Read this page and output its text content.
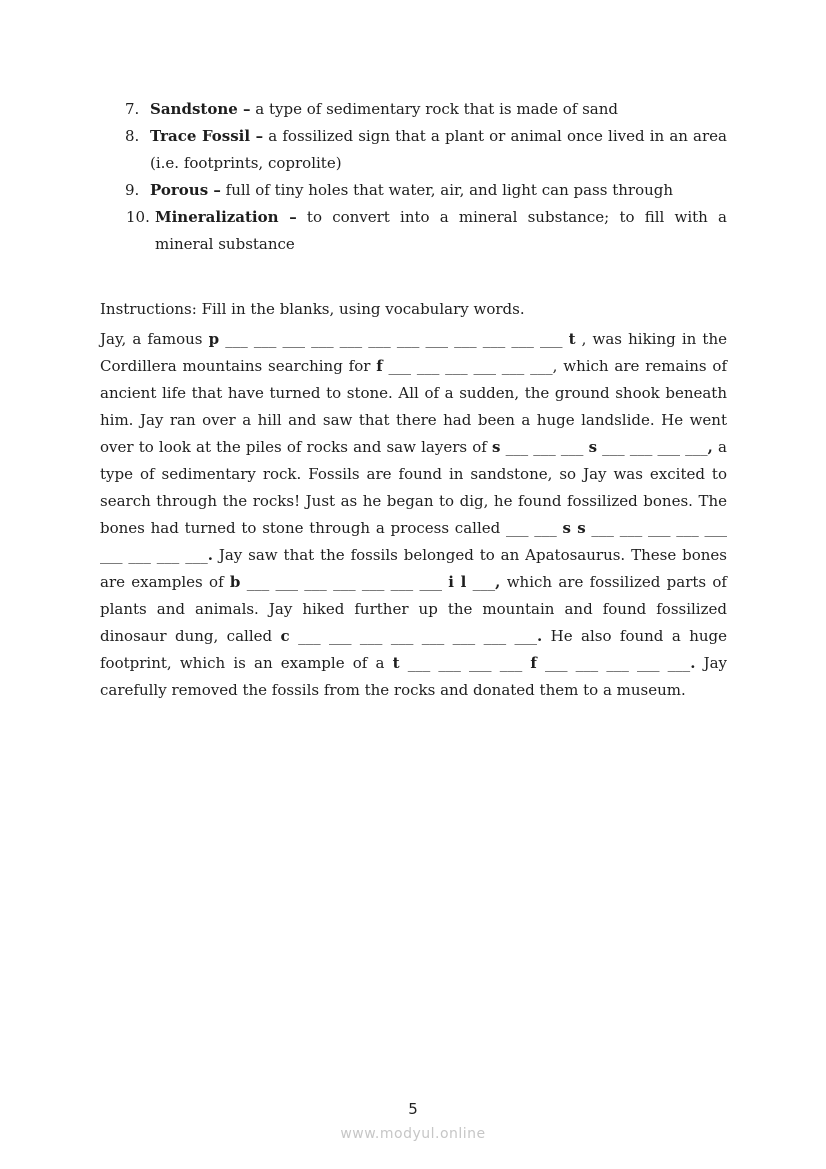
7. Sandstone – a type of sedimentary rock that is made of sand
8. Trace Fossil – a fossilized sign that a plant or animal once lived in an area (i.e. footprints, coprolite)
9. Porous – full of tiny holes that water, air, and light can pass through
10. Mineralization – to convert into a mineral substance; to fill with a mineral substance

Instructions: Fill in the blanks, using vocabulary words.

Jay, a famous p ___ ___ ___ ___ ___ ___ ___ ___ ___ ___ ___ ___ t , was hiking in the Cordillera mountains searching for f ___ ___ ___ ___ ___ ___, which are remains of ancient life that have turned to stone. All of a sudden, the ground shook beneath him. Jay ran over a hill and saw that there had been a huge landslide. He went over to look at the piles of rocks and saw layers of s ___ ___ ___ s ___ ___ ___ ___, a type of sedimentary rock. Fossils are found in sandstone, so Jay was excited to search through the rocks! Just as he began to dig, he found fossilized bones. The bones had turned to stone through a process called ___ ___ s s ___ ___ ___ ___ ___ ___ ___ ___ ___. Jay saw that the fossils belonged to an Apatosaurus. These bones are examples of b ___ ___ ___ ___ ___ ___ ___ i l ___, which are fossilized parts of plants and animals. Jay hiked further up the mountain and found fossilized dinosaur dung, called c ___ ___ ___ ___ ___ ___ ___ ___. He also found a huge footprint, which is an example of a t ___ ___ ___ ___ f ___ ___ ___ ___ ___. Jay carefully removed the fossils from the rocks and donated them to a museum.

5
www.modyul.online
